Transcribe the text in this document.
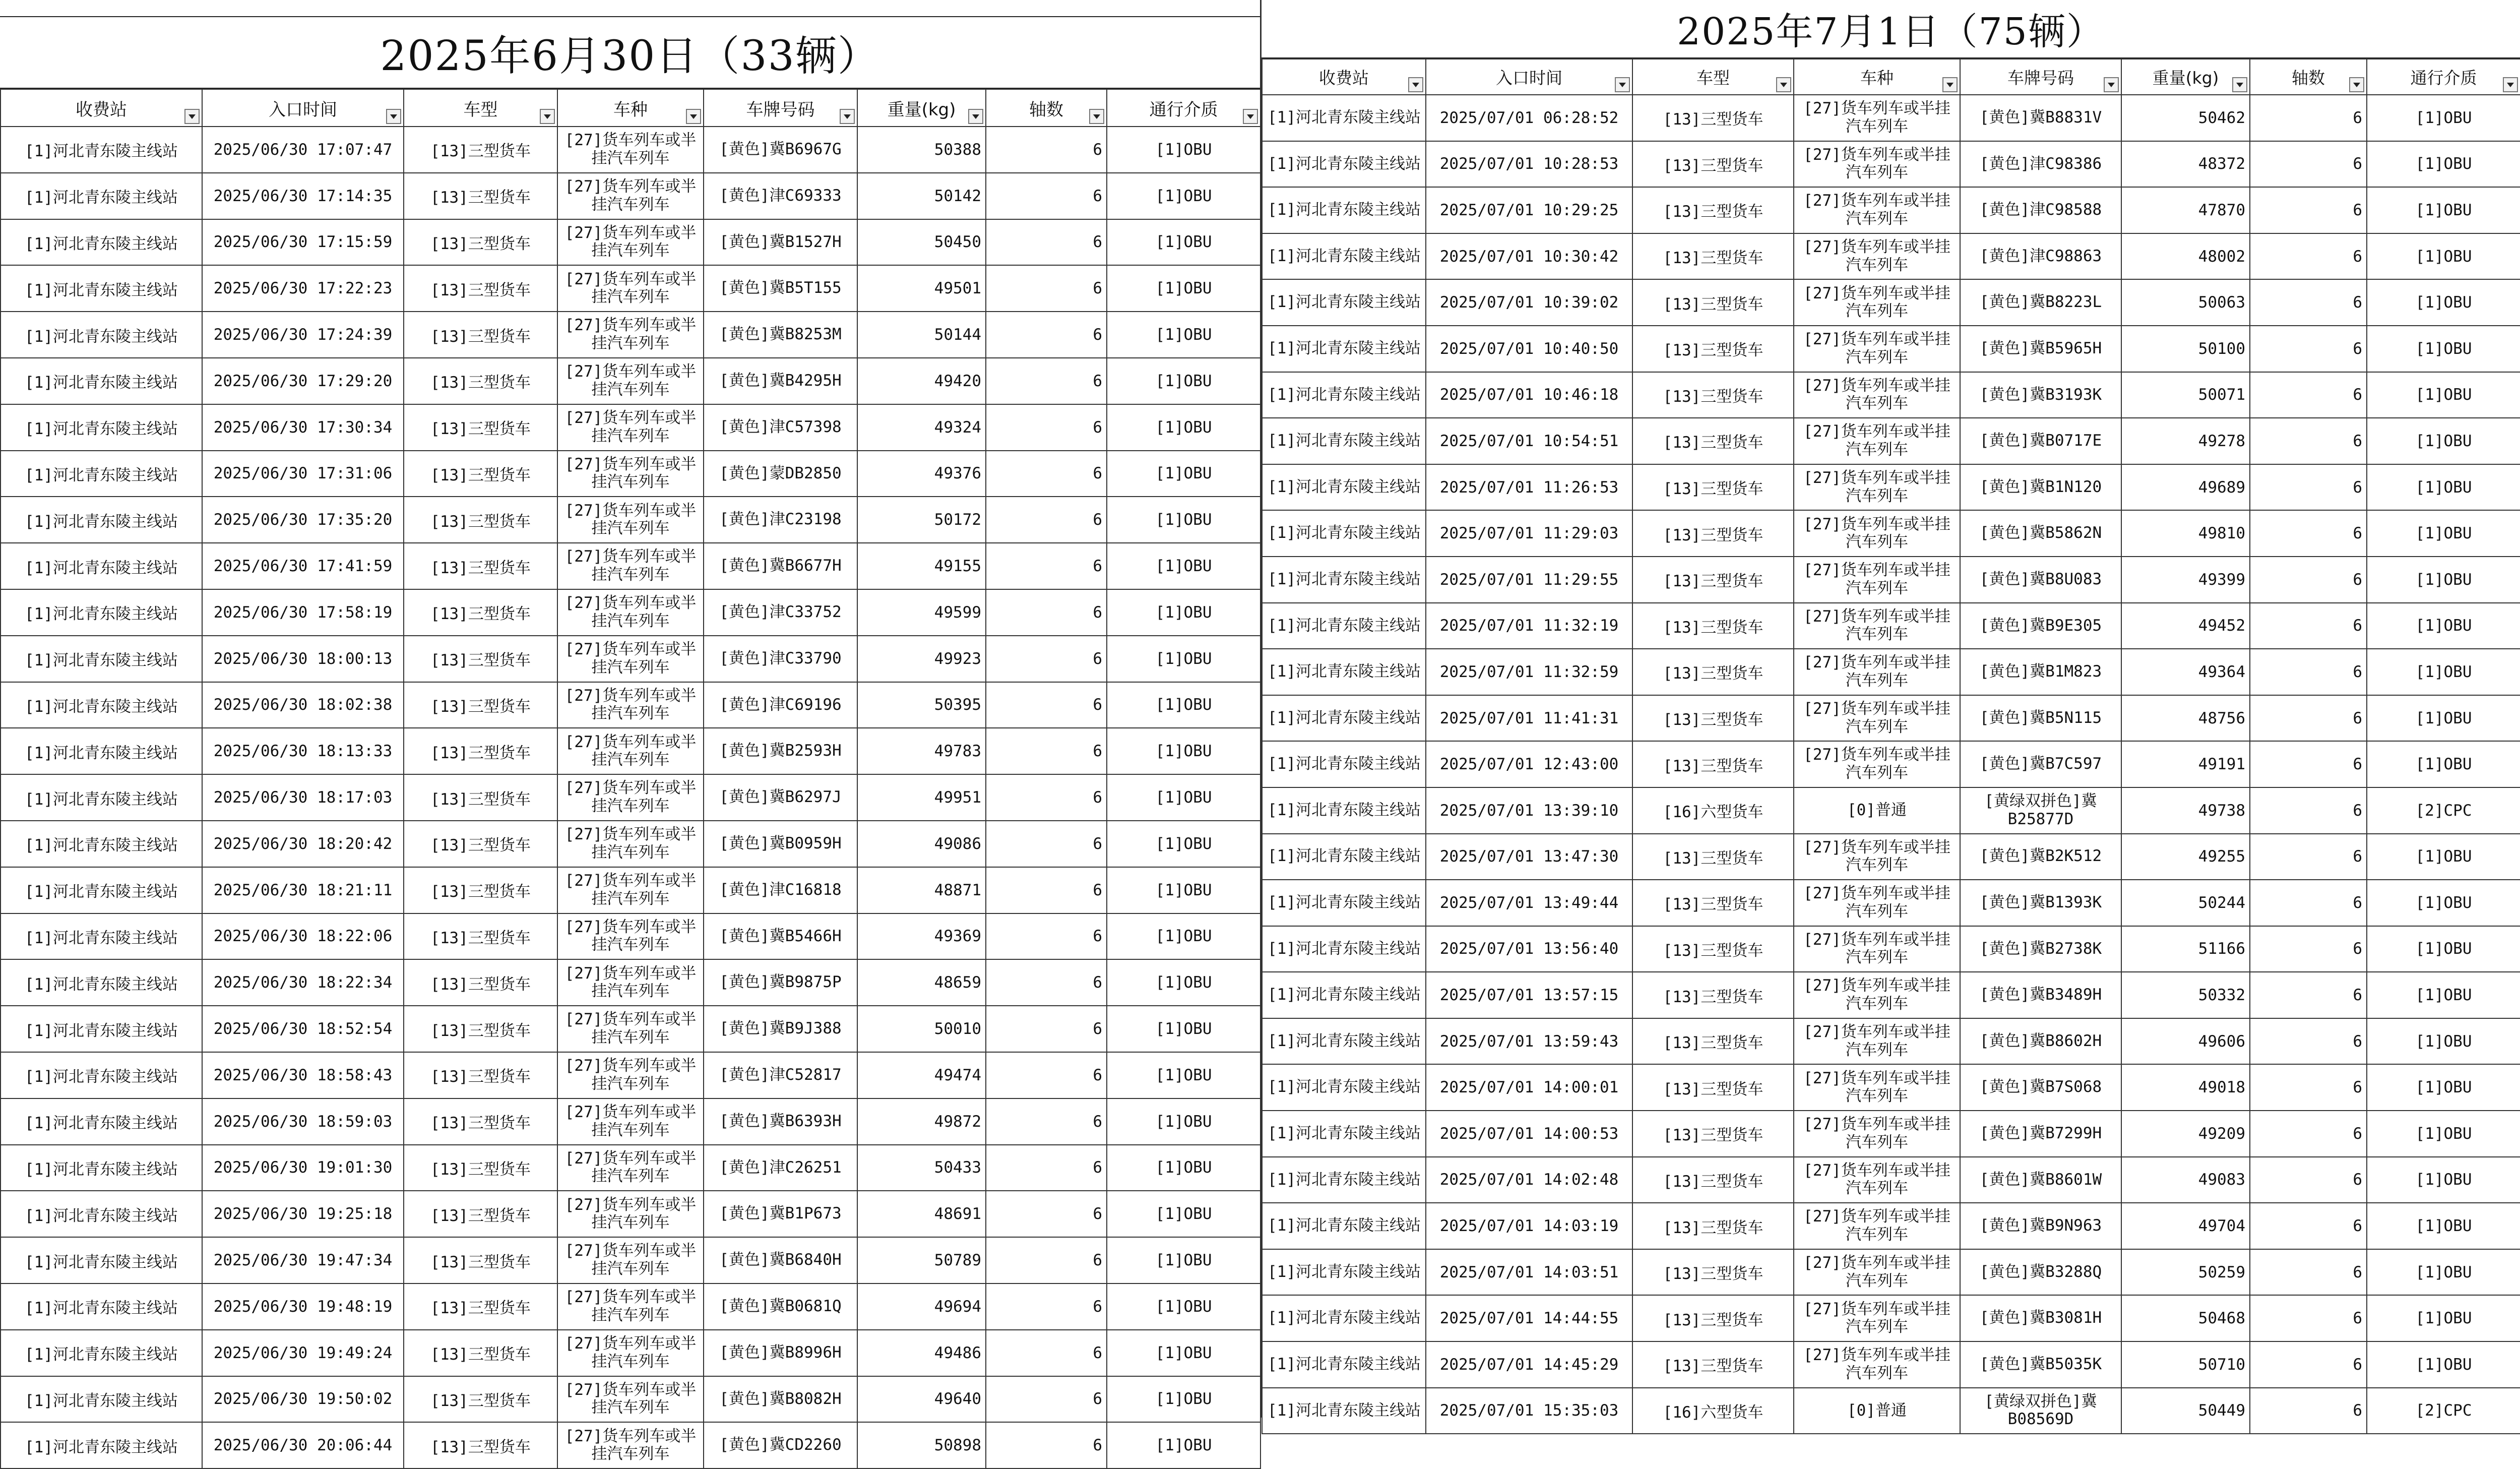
2025年6月30日（33辆）
收费站	入口时间	车型	车种	车牌号码	重量(kg)	轴数	通行介质

[1]河北青东陵主线站	2025/06/30 17:07:47	[13]三型货车	[27]货车列车或半挂汽车列车	[黄色]冀B6967G	50388	6	[1]OBU
[1]河北青东陵主线站	2025/06/30 17:14:35	[13]三型货车	[27]货车列车或半挂汽车列车	[黄色]津C69333	50142	6	[1]OBU
[1]河北青东陵主线站	2025/06/30 17:15:59	[13]三型货车	[27]货车列车或半挂汽车列车	[黄色]冀B1527H	50450	6	[1]OBU
[1]河北青东陵主线站	2025/06/30 17:22:23	[13]三型货车	[27]货车列车或半挂汽车列车	[黄色]冀B5T155	49501	6	[1]OBU
[1]河北青东陵主线站	2025/06/30 17:24:39	[13]三型货车	[27]货车列车或半挂汽车列车	[黄色]冀B8253M	50144	6	[1]OBU
[1]河北青东陵主线站	2025/06/30 17:29:20	[13]三型货车	[27]货车列车或半挂汽车列车	[黄色]冀B4295H	49420	6	[1]OBU
[1]河北青东陵主线站	2025/06/30 17:30:34	[13]三型货车	[27]货车列车或半挂汽车列车	[黄色]津C57398	49324	6	[1]OBU
[1]河北青东陵主线站	2025/06/30 17:31:06	[13]三型货车	[27]货车列车或半挂汽车列车	[黄色]蒙DB2850	49376	6	[1]OBU
[1]河北青东陵主线站	2025/06/30 17:35:20	[13]三型货车	[27]货车列车或半挂汽车列车	[黄色]津C23198	50172	6	[1]OBU
[1]河北青东陵主线站	2025/06/30 17:41:59	[13]三型货车	[27]货车列车或半挂汽车列车	[黄色]冀B6677H	49155	6	[1]OBU
[1]河北青东陵主线站	2025/06/30 17:58:19	[13]三型货车	[27]货车列车或半挂汽车列车	[黄色]津C33752	49599	6	[1]OBU
[1]河北青东陵主线站	2025/06/30 18:00:13	[13]三型货车	[27]货车列车或半挂汽车列车	[黄色]津C33790	49923	6	[1]OBU
[1]河北青东陵主线站	2025/06/30 18:02:38	[13]三型货车	[27]货车列车或半挂汽车列车	[黄色]津C69196	50395	6	[1]OBU
[1]河北青东陵主线站	2025/06/30 18:13:33	[13]三型货车	[27]货车列车或半挂汽车列车	[黄色]冀B2593H	49783	6	[1]OBU
[1]河北青东陵主线站	2025/06/30 18:17:03	[13]三型货车	[27]货车列车或半挂汽车列车	[黄色]冀B6297J	49951	6	[1]OBU
[1]河北青东陵主线站	2025/06/30 18:20:42	[13]三型货车	[27]货车列车或半挂汽车列车	[黄色]冀B0959H	49086	6	[1]OBU
[1]河北青东陵主线站	2025/06/30 18:21:11	[13]三型货车	[27]货车列车或半挂汽车列车	[黄色]津C16818	48871	6	[1]OBU
[1]河北青东陵主线站	2025/06/30 18:22:06	[13]三型货车	[27]货车列车或半挂汽车列车	[黄色]冀B5466H	49369	6	[1]OBU
[1]河北青东陵主线站	2025/06/30 18:22:34	[13]三型货车	[27]货车列车或半挂汽车列车	[黄色]冀B9875P	48659	6	[1]OBU
[1]河北青东陵主线站	2025/06/30 18:52:54	[13]三型货车	[27]货车列车或半挂汽车列车	[黄色]冀B9J388	50010	6	[1]OBU
[1]河北青东陵主线站	2025/06/30 18:58:43	[13]三型货车	[27]货车列车或半挂汽车列车	[黄色]津C52817	49474	6	[1]OBU
[1]河北青东陵主线站	2025/06/30 18:59:03	[13]三型货车	[27]货车列车或半挂汽车列车	[黄色]冀B6393H	49872	6	[1]OBU
[1]河北青东陵主线站	2025/06/30 19:01:30	[13]三型货车	[27]货车列车或半挂汽车列车	[黄色]津C26251	50433	6	[1]OBU
[1]河北青东陵主线站	2025/06/30 19:25:18	[13]三型货车	[27]货车列车或半挂汽车列车	[黄色]冀B1P673	48691	6	[1]OBU
[1]河北青东陵主线站	2025/06/30 19:47:34	[13]三型货车	[27]货车列车或半挂汽车列车	[黄色]冀B6840H	50789	6	[1]OBU
[1]河北青东陵主线站	2025/06/30 19:48:19	[13]三型货车	[27]货车列车或半挂汽车列车	[黄色]冀B0681Q	49694	6	[1]OBU
[1]河北青东陵主线站	2025/06/30 19:49:24	[13]三型货车	[27]货车列车或半挂汽车列车	[黄色]冀B8996H	49486	6	[1]OBU
[1]河北青东陵主线站	2025/06/30 19:50:02	[13]三型货车	[27]货车列车或半挂汽车列车	[黄色]冀B8082H	49640	6	[1]OBU
[1]河北青东陵主线站	2025/06/30 20:06:44	[13]三型货车	[27]货车列车或半挂汽车列车	[黄色]冀CD2260	50898	6	[1]OBU
2025年7月1日（75辆）
收费站	入口时间	车型	车种	车牌号码	重量(kg)	轴数	通行介质

[1]河北青东陵主线站	2025/07/01 06:28:52	[13]三型货车	[27]货车列车或半挂汽车列车	[黄色]冀B8831V	50462	6	[1]OBU
[1]河北青东陵主线站	2025/07/01 10:28:53	[13]三型货车	[27]货车列车或半挂汽车列车	[黄色]津C98386	48372	6	[1]OBU
[1]河北青东陵主线站	2025/07/01 10:29:25	[13]三型货车	[27]货车列车或半挂汽车列车	[黄色]津C98588	47870	6	[1]OBU
[1]河北青东陵主线站	2025/07/01 10:30:42	[13]三型货车	[27]货车列车或半挂汽车列车	[黄色]津C98863	48002	6	[1]OBU
[1]河北青东陵主线站	2025/07/01 10:39:02	[13]三型货车	[27]货车列车或半挂汽车列车	[黄色]冀B8223L	50063	6	[1]OBU
[1]河北青东陵主线站	2025/07/01 10:40:50	[13]三型货车	[27]货车列车或半挂汽车列车	[黄色]冀B5965H	50100	6	[1]OBU
[1]河北青东陵主线站	2025/07/01 10:46:18	[13]三型货车	[27]货车列车或半挂汽车列车	[黄色]冀B3193K	50071	6	[1]OBU
[1]河北青东陵主线站	2025/07/01 10:54:51	[13]三型货车	[27]货车列车或半挂汽车列车	[黄色]冀B0717E	49278	6	[1]OBU
[1]河北青东陵主线站	2025/07/01 11:26:53	[13]三型货车	[27]货车列车或半挂汽车列车	[黄色]冀B1N120	49689	6	[1]OBU
[1]河北青东陵主线站	2025/07/01 11:29:03	[13]三型货车	[27]货车列车或半挂汽车列车	[黄色]冀B5862N	49810	6	[1]OBU
[1]河北青东陵主线站	2025/07/01 11:29:55	[13]三型货车	[27]货车列车或半挂汽车列车	[黄色]冀B8U083	49399	6	[1]OBU
[1]河北青东陵主线站	2025/07/01 11:32:19	[13]三型货车	[27]货车列车或半挂汽车列车	[黄色]冀B9E305	49452	6	[1]OBU
[1]河北青东陵主线站	2025/07/01 11:32:59	[13]三型货车	[27]货车列车或半挂汽车列车	[黄色]冀B1M823	49364	6	[1]OBU
[1]河北青东陵主线站	2025/07/01 11:41:31	[13]三型货车	[27]货车列车或半挂汽车列车	[黄色]冀B5N115	48756	6	[1]OBU
[1]河北青东陵主线站	2025/07/01 12:43:00	[13]三型货车	[27]货车列车或半挂汽车列车	[黄色]冀B7C597	49191	6	[1]OBU
[1]河北青东陵主线站	2025/07/01 13:39:10	[16]六型货车	[0]普通	[黄绿双拼色]冀B25877D	49738	6	[2]CPC
[1]河北青东陵主线站	2025/07/01 13:47:30	[13]三型货车	[27]货车列车或半挂汽车列车	[黄色]冀B2K512	49255	6	[1]OBU
[1]河北青东陵主线站	2025/07/01 13:49:44	[13]三型货车	[27]货车列车或半挂汽车列车	[黄色]冀B1393K	50244	6	[1]OBU
[1]河北青东陵主线站	2025/07/01 13:56:40	[13]三型货车	[27]货车列车或半挂汽车列车	[黄色]冀B2738K	51166	6	[1]OBU
[1]河北青东陵主线站	2025/07/01 13:57:15	[13]三型货车	[27]货车列车或半挂汽车列车	[黄色]冀B3489H	50332	6	[1]OBU
[1]河北青东陵主线站	2025/07/01 13:59:43	[13]三型货车	[27]货车列车或半挂汽车列车	[黄色]冀B8602H	49606	6	[1]OBU
[1]河北青东陵主线站	2025/07/01 14:00:01	[13]三型货车	[27]货车列车或半挂汽车列车	[黄色]冀B7S068	49018	6	[1]OBU
[1]河北青东陵主线站	2025/07/01 14:00:53	[13]三型货车	[27]货车列车或半挂汽车列车	[黄色]冀B7299H	49209	6	[1]OBU
[1]河北青东陵主线站	2025/07/01 14:02:48	[13]三型货车	[27]货车列车或半挂汽车列车	[黄色]冀B8601W	49083	6	[1]OBU
[1]河北青东陵主线站	2025/07/01 14:03:19	[13]三型货车	[27]货车列车或半挂汽车列车	[黄色]冀B9N963	49704	6	[1]OBU
[1]河北青东陵主线站	2025/07/01 14:03:51	[13]三型货车	[27]货车列车或半挂汽车列车	[黄色]冀B3288Q	50259	6	[1]OBU
[1]河北青东陵主线站	2025/07/01 14:44:55	[13]三型货车	[27]货车列车或半挂汽车列车	[黄色]冀B3081H	50468	6	[1]OBU
[1]河北青东陵主线站	2025/07/01 14:45:29	[13]三型货车	[27]货车列车或半挂汽车列车	[黄色]冀B5035K	50710	6	[1]OBU
[1]河北青东陵主线站	2025/07/01 15:35:03	[16]六型货车	[0]普通	[黄绿双拼色]冀B08569D	50449	6	[2]CPC
